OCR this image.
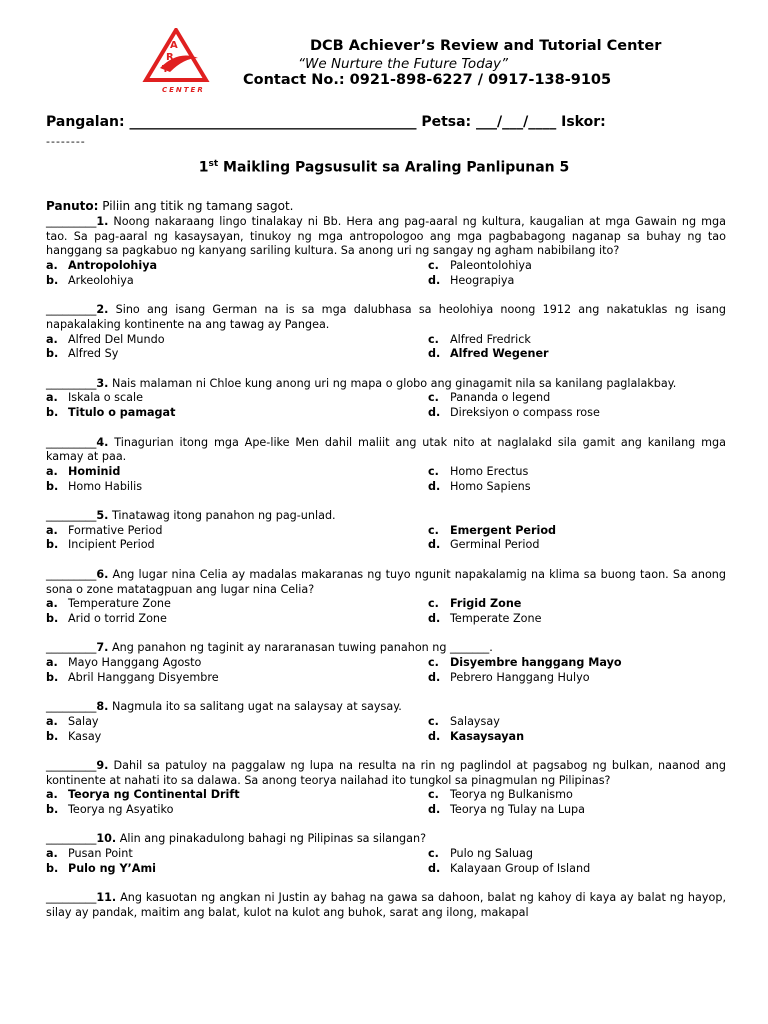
A
R
T
CENTER
DCB Achiever’s Review and Tutorial Center
“We Nurture the Future Today”
Contact No.: 0921-898-6227 / 0917-138-9105
Pangalan: _________________________________________ Petsa: ___/___/____ Iskor:
--------
1st Maikling Pagsusulit sa Araling Panlipunan 5
Panuto: Piliin ang titik ng tamang sagot.
_________1. Noong nakaraang lingo tinalakay ni Bb. Hera ang pag-aaral ng kultura, kaugalian at mga Gawain ng mga tao. Sa pag-aaral ng kasaysayan, tinukoy ng mga antropologoo ang mga pagbabagong naganap sa buhay ng tao hanggang sa pagkabuo ng kanyang sariling kultura. Sa anong uri ng sangay ng agham nabibilang ito?
a. Antropolohiya	c. Paleontolohiya
b. Arkeolohiya	d. Heograpiya
_________2. Sino ang isang German na is sa mga dalubhasa sa heolohiya noong 1912 ang nakatuklas ng isang napakalaking kontinente na ang tawag ay Pangea.
a. Alfred Del Mundo	c. Alfred Fredrick
b. Alfred Sy	d. Alfred Wegener
_________3. Nais malaman ni Chloe kung anong uri ng mapa o globo ang ginagamit nila sa kanilang paglalakbay.
a. Iskala o scale	c. Pananda o legend
b. Titulo o pamagat	d. Direksiyon o compass rose
_________4. Tinagurian itong mga Ape-like Men dahil maliit ang utak nito at naglalakd sila gamit ang kanilang mga kamay at paa.
a. Hominid	c. Homo Erectus
b. Homo Habilis	d. Homo Sapiens
_________5. Tinatawag itong panahon ng pag-unlad.
a. Formative Period	c. Emergent Period
b. Incipient Period	d. Germinal Period
_________6. Ang lugar nina Celia ay madalas makaranas ng tuyo ngunit napakalamig na klima sa buong taon. Sa anong sona o zone matatagpuan ang lugar nina Celia?
a. Temperature Zone	c. Frigid Zone
b. Arid o torrid Zone	d. Temperate Zone
_________7. Ang panahon ng taginit ay nararanasan tuwing panahon ng _______.
a. Mayo Hanggang Agosto	c. Disyembre hanggang Mayo
b. Abril Hanggang Disyembre	d. Pebrero Hanggang Hulyo
_________8. Nagmula ito sa salitang ugat na salaysay at saysay.
a. Salay	c. Salaysay
b. Kasay	d. Kasaysayan
_________9. Dahil sa patuloy na paggalaw ng lupa na resulta na rin ng paglindol at pagsabog ng bulkan, naanod ang kontinente at nahati ito sa dalawa. Sa anong teorya nailahad ito tungkol sa pinagmulan ng Pilipinas?
a. Teorya ng Continental Drift	c. Teorya ng Bulkanismo
b. Teorya ng Asyatiko	d. Teorya ng Tulay na Lupa
_________10. Alin ang pinakadulong bahagi ng Pilipinas sa silangan?
a. Pusan Point	c. Pulo ng Saluag
b. Pulo ng Y’Ami	d. Kalayaan Group of Island
_________11. Ang kasuotan ng angkan ni Justin ay bahag na gawa sa dahoon, balat ng kahoy di kaya ay balat ng hayop, silay ay pandak, maitim ang balat, kulot na kulot ang buhok, sarat ang ilong, makapal
